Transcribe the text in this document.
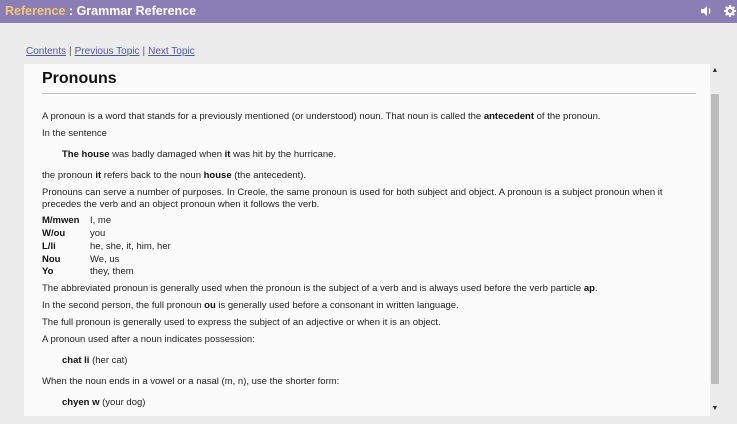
Reference : Grammar Reference
Contents | Previous Topic | Next Topic
Pronouns
A pronoun is a word that stands for a previously mentioned (or understood) noun. That noun is called the antecedent of the pronoun.
In the sentence
The house was badly damaged when it was hit by the hurricane.
the pronoun it refers back to the noun house (the antecedent).
Pronouns can serve a number of purposes. In Creole, the same pronoun is used for both subject and object. A pronoun is a subject pronoun when it precedes the verb and an object pronoun when it follows the verb.
M/mwen I, me
W/ou	you
L/li	he, she, it, him, her
Nou	We, us
Yo	they, them
The abbreviated pronoun is generally used when the pronoun is the subject of a verb and is always used before the verb particle ap.
In the second person, the full pronoun ou is generally used before a consonant in written language.
The full pronoun is generally used to express the subject of an adjective or when it is an object.
A pronoun used after a noun indicates possession:
chat li (her cat)
When the noun ends in a vowel or a nasal (m, n), use the shorter form:
chyen w (your dog)
▲
▼
